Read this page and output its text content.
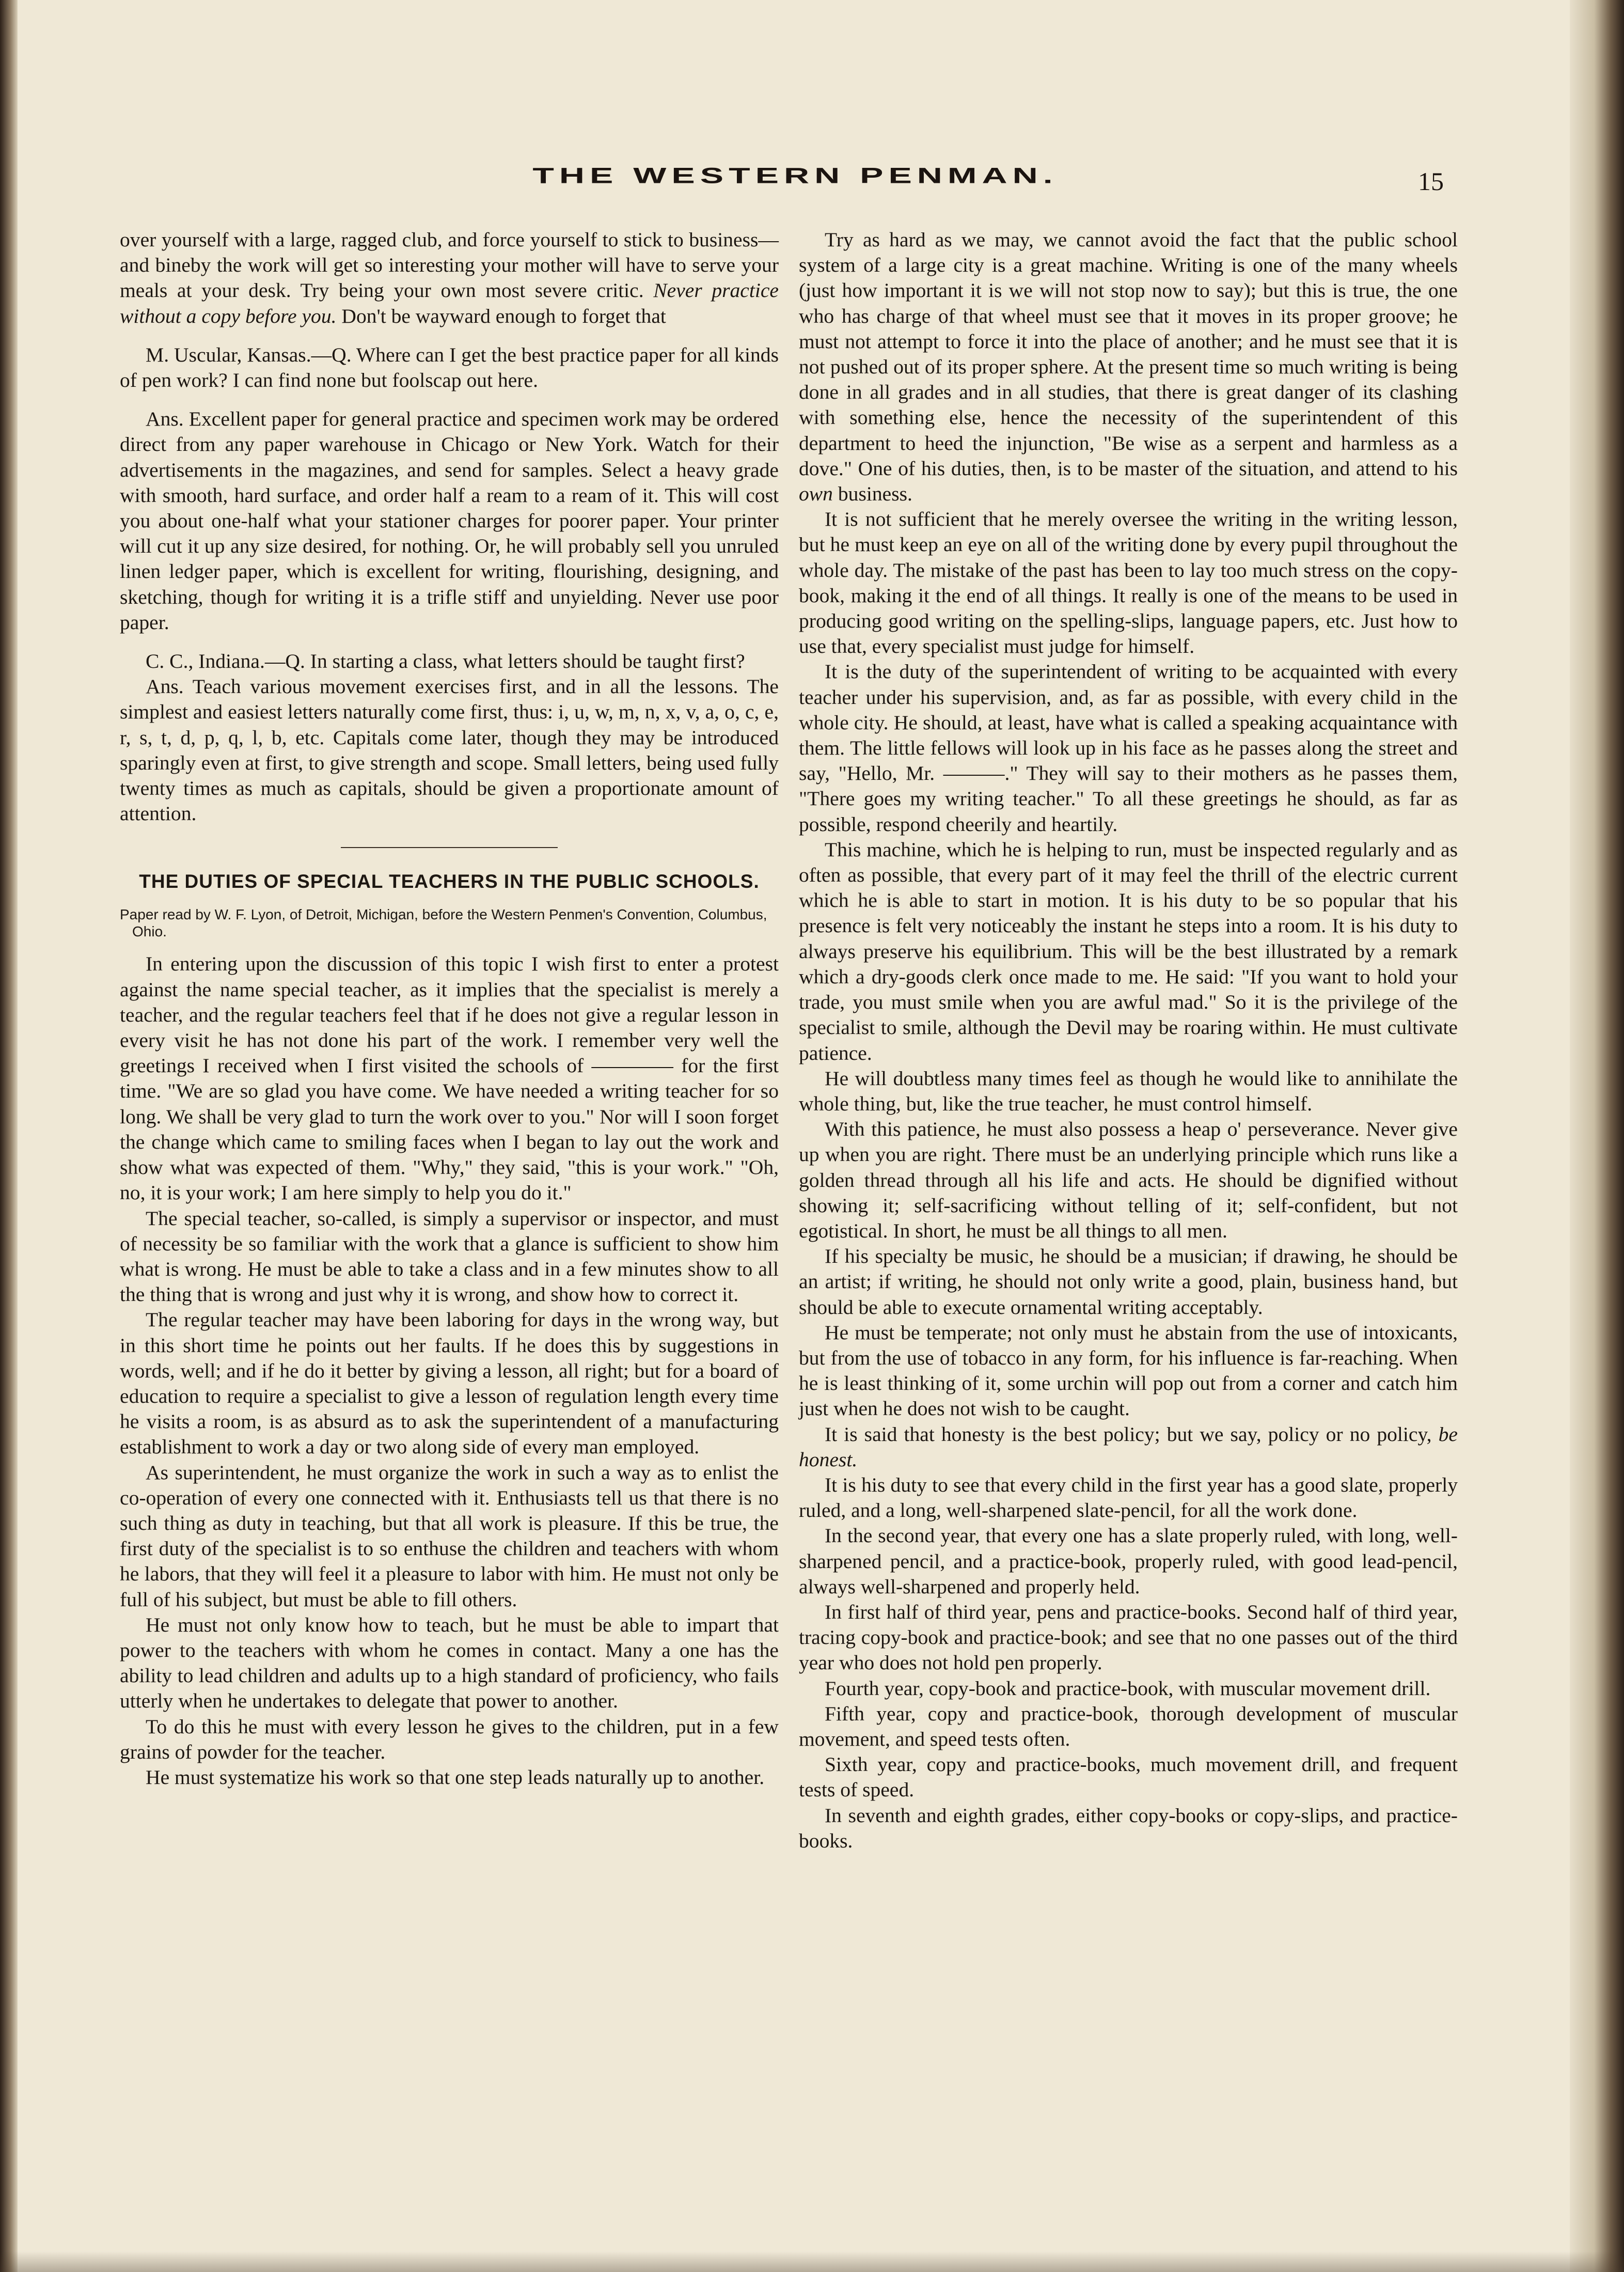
THE WESTERN PENMAN.	15

over yourself with a large, ragged club, and force yourself to stick to business—and bineby the work will get so interesting your mother will have to serve your meals at your desk. Try being your own most severe critic. Never practice without a copy before you. Don't be wayward enough to forget that

M. Uscular, Kansas.—Q. Where can I get the best practice paper for all kinds of pen work? I can find none but foolscap out here.

Ans. Excellent paper for general practice and specimen work may be ordered direct from any paper warehouse in Chicago or New York. Watch for their advertisements in the magazines, and send for samples. Select a heavy grade with smooth, hard surface, and order half a ream to a ream of it. This will cost you about one-half what your stationer charges for poorer paper. Your printer will cut it up any size desired, for nothing. Or, he will probably sell you unruled linen ledger paper, which is excellent for writing, flourishing, designing, and sketching, though for writing it is a trifle stiff and unyielding. Never use poor paper.

C. C., Indiana.—Q. In starting a class, what letters should be taught first?

Ans. Teach various movement exercises first, and in all the lessons. The simplest and easiest letters naturally come first, thus: i, u, w, m, n, x, v, a, o, c, e, r, s, t, d, p, q, l, b, etc. Capitals come later, though they may be introduced sparingly even at first, to give strength and scope. Small letters, being used fully twenty times as much as capitals, should be given a proportionate amount of attention.

THE DUTIES OF SPECIAL TEACHERS IN THE PUBLIC SCHOOLS.
Paper read by W. F. Lyon, of Detroit, Michigan, before the Western Penmen's Convention, Columbus, Ohio.

In entering upon the discussion of this topic I wish first to enter a protest against the name special teacher, as it implies that the specialist is merely a teacher, and the regular teachers feel that if he does not give a regular lesson in every visit he has not done his part of the work. I remember very well the greetings I received when I first visited the schools of ———— for the first time. "We are so glad you have come. We have needed a writing teacher for so long. We shall be very glad to turn the work over to you." Nor will I soon forget the change which came to smiling faces when I began to lay out the work and show what was expected of them. "Why," they said, "this is your work." "Oh, no, it is your work; I am here simply to help you do it."

The special teacher, so-called, is simply a supervisor or inspector, and must of necessity be so familiar with the work that a glance is sufficient to show him what is wrong. He must be able to take a class and in a few minutes show to all the thing that is wrong and just why it is wrong, and show how to correct it.

The regular teacher may have been laboring for days in the wrong way, but in this short time he points out her faults. If he does this by suggestions in words, well; and if he do it better by giving a lesson, all right; but for a board of education to require a specialist to give a lesson of regulation length every time he visits a room, is as absurd as to ask the superintendent of a manufacturing establishment to work a day or two along side of every man employed.

As superintendent, he must organize the work in such a way as to enlist the co-operation of every one connected with it. Enthusiasts tell us that there is no such thing as duty in teaching, but that all work is pleasure. If this be true, the first duty of the specialist is to so enthuse the children and teachers with whom he labors, that they will feel it a pleasure to labor with him. He must not only be full of his subject, but must be able to fill others.

He must not only know how to teach, but he must be able to impart that power to the teachers with whom he comes in contact. Many a one has the ability to lead children and adults up to a high standard of proficiency, who fails utterly when he undertakes to delegate that power to another.

To do this he must with every lesson he gives to the children, put in a few grains of powder for the teacher.

He must systematize his work so that one step leads naturally up to another.

Try as hard as we may, we cannot avoid the fact that the public school system of a large city is a great machine. Writing is one of the many wheels (just how important it is we will not stop now to say); but this is true, the one who has charge of that wheel must see that it moves in its proper groove; he must not attempt to force it into the place of another; and he must see that it is not pushed out of its proper sphere. At the present time so much writing is being done in all grades and in all studies, that there is great danger of its clashing with something else, hence the necessity of the superintendent of this department to heed the injunction, "Be wise as a serpent and harmless as a dove." One of his duties, then, is to be master of the situation, and attend to his own business.

It is not sufficient that he merely oversee the writing in the writing lesson, but he must keep an eye on all of the writing done by every pupil throughout the whole day. The mistake of the past has been to lay too much stress on the copy-book, making it the end of all things. It really is one of the means to be used in producing good writing on the spelling-slips, language papers, etc. Just how to use that, every specialist must judge for himself.

It is the duty of the superintendent of writing to be acquainted with every teacher under his supervision, and, as far as possible, with every child in the whole city. He should, at least, have what is called a speaking acquaintance with them. The little fellows will look up in his face as he passes along the street and say, "Hello, Mr. ———." They will say to their mothers as he passes them, "There goes my writing teacher." To all these greetings he should, as far as possible, respond cheerily and heartily.

This machine, which he is helping to run, must be inspected regularly and as often as possible, that every part of it may feel the thrill of the electric current which he is able to start in motion. It is his duty to be so popular that his presence is felt very noticeably the instant he steps into a room. It is his duty to always preserve his equilibrium. This will be the best illustrated by a remark which a dry-goods clerk once made to me. He said: "If you want to hold your trade, you must smile when you are awful mad." So it is the privilege of the specialist to smile, although the Devil may be roaring within. He must cultivate patience.

He will doubtless many times feel as though he would like to annihilate the whole thing, but, like the true teacher, he must control himself.

With this patience, he must also possess a heap o' perseverance. Never give up when you are right. There must be an underlying principle which runs like a golden thread through all his life and acts. He should be dignified without showing it; self-sacrificing without telling of it; self-confident, but not egotistical. In short, he must be all things to all men.

If his specialty be music, he should be a musician; if drawing, he should be an artist; if writing, he should not only write a good, plain, business hand, but should be able to execute ornamental writing acceptably.

He must be temperate; not only must he abstain from the use of intoxicants, but from the use of tobacco in any form, for his influence is far-reaching. When he is least thinking of it, some urchin will pop out from a corner and catch him just when he does not wish to be caught.

It is said that honesty is the best policy; but we say, policy or no policy, be honest.

It is his duty to see that every child in the first year has a good slate, properly ruled, and a long, well-sharpened slate-pencil, for all the work done.

In the second year, that every one has a slate properly ruled, with long, well-sharpened pencil, and a practice-book, properly ruled, with good lead-pencil, always well-sharpened and properly held.

In first half of third year, pens and practice-books. Second half of third year, tracing copy-book and practice-book; and see that no one passes out of the third year who does not hold pen properly.

Fourth year, copy-book and practice-book, with muscular movement drill.

Fifth year, copy and practice-book, thorough development of muscular movement, and speed tests often.

Sixth year, copy and practice-books, much movement drill, and frequent tests of speed.

In seventh and eighth grades, either copy-books or copy-slips, and practice-books.
